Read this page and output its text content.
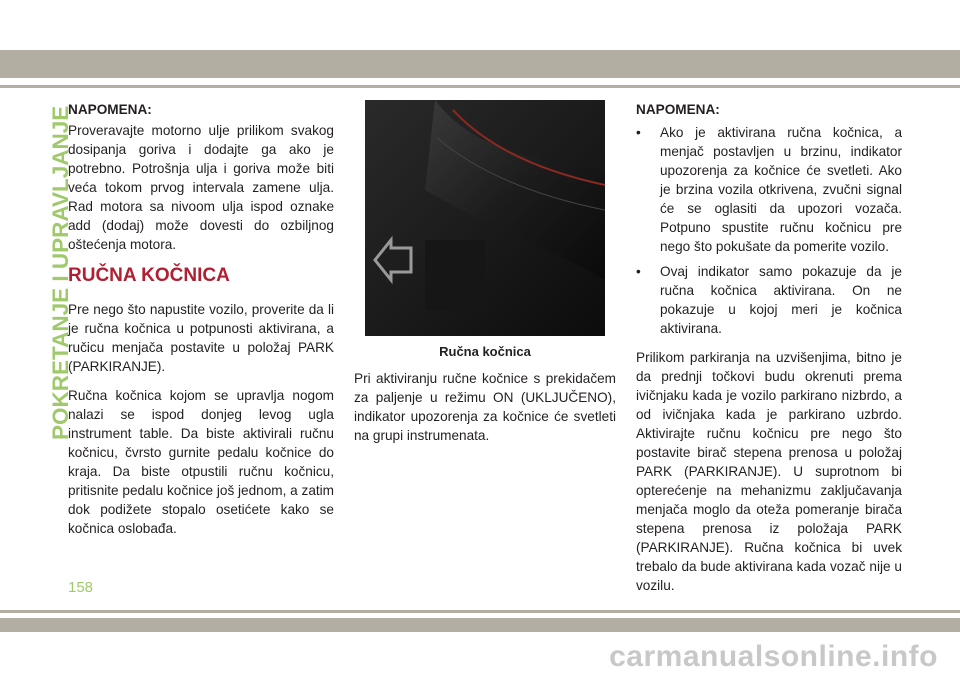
POKRETANJE I UPRAVLJANJE
NAPOMENA:

Proveravajte motorno ulje prilikom svakog dosipanja goriva i dodajte ga ako je potrebno. Potrošnja ulja i goriva može biti veća tokom prvog intervala zamene ulja. Rad motora sa nivoom ulja ispod oznake add (dodaj) može dovesti do ozbiljnog oštećenja motora.

RUČNA KOČNICA

Pre nego što napustite vozilo, proverite da li je ručna kočnica u potpunosti aktivirana, a ručicu menjača postavite u položaj PARK (PARKIRANJE).

Ručna kočnica kojom se upravlja nogom nalazi se ispod donjeg levog ugla instrument table. Da biste aktivirali ručnu kočnicu, čvrsto gurnite pedalu kočnice do kraja. Da biste otpustili ručnu kočnicu, pritisnite pedalu kočnice još jednom, a zatim dok podižete stopalo osetićete kako se kočnica oslobađa.

Ručna kočnica

Pri aktiviranju ručne kočnice s prekidačem za paljenje u režimu ON (UKLJUČENO), indikator upozorenja za kočnice će svetleti na grupi instrumenata.

NAPOMENA:
•	Ako je aktivirana ručna kočnica, a menjač postavljen u brzinu, indikator upozorenja za kočnice će svetleti. Ako je brzina vozila otkrivena, zvučni signal će se oglasiti da upozori vozača. Potpuno spustite ručnu kočnicu pre nego što pokušate da pomerite vozilo.
•	Ovaj indikator samo pokazuje da je ručna kočnica aktivirana. On ne pokazuje u kojoj meri je kočnica aktivirana.

Prilikom parkiranja na uzvišenjima, bitno je da prednji točkovi budu okrenuti prema ivičnjaku kada je vozilo parkirano nizbrdo, a od ivičnjaka kada je parkirano uzbrdo. Aktivirajte ručnu kočnicu pre nego što postavite birač stepena prenosa u položaj PARK (PARKIRANJE). U suprotnom bi opterećenje na mehanizmu zaključavanja menjača moglo da oteža pomeranje birača stepena prenosa iz položaja PARK (PARKIRANJE). Ručna kočnica bi uvek trebalo da bude aktivirana kada vozač nije u vozilu.

158
carmanualsonline.info
